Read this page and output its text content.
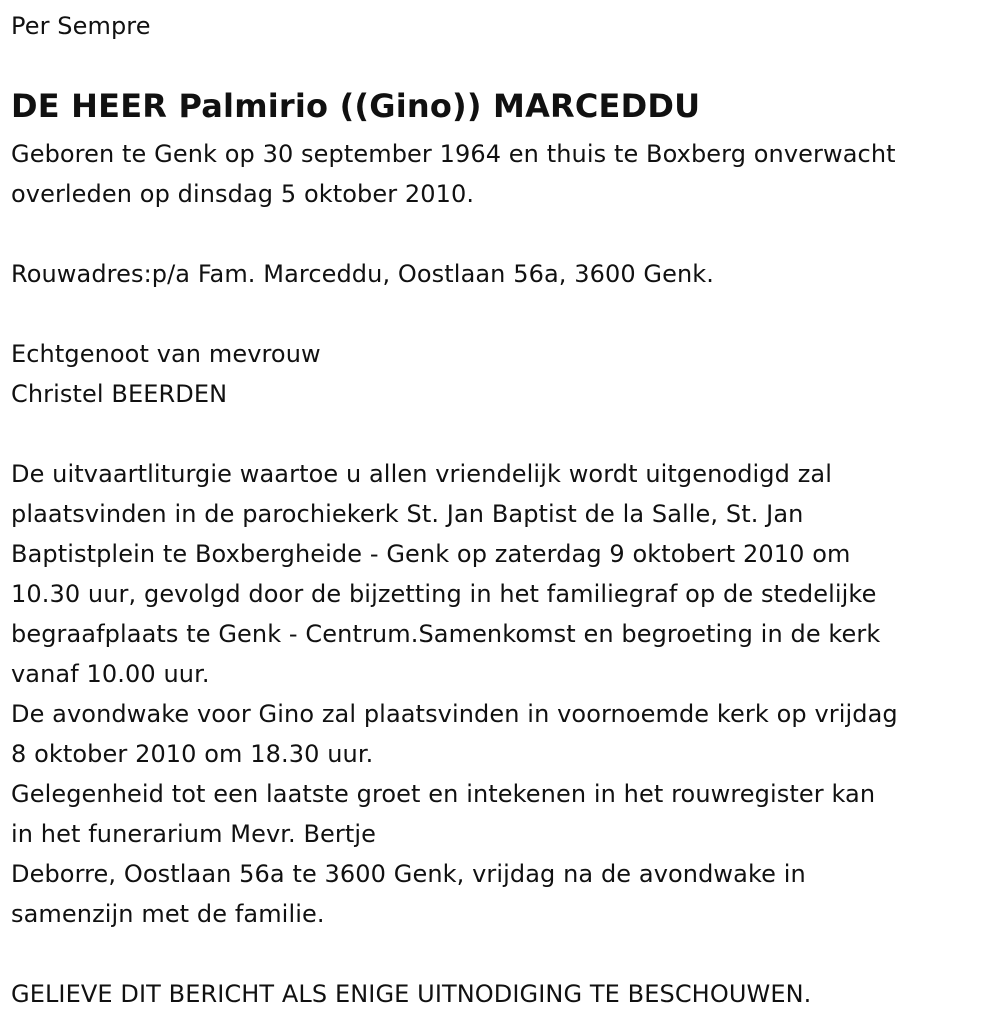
Per Sempre
DE HEER Palmirio ((Gino)) MARCEDDU
Geboren te Genk op 30 september 1964 en thuis te Boxberg onverwacht
overleden op dinsdag 5 oktober 2010.
Rouwadres:p/a Fam. Marceddu, Oostlaan 56a, 3600 Genk.
Echtgenoot van mevrouw
Christel BEERDEN
De uitvaartliturgie waartoe u allen vriendelijk wordt uitgenodigd zal
plaatsvinden in de parochiekerk St. Jan Baptist de la Salle, St. Jan
Baptistplein te Boxbergheide - Genk op zaterdag 9 oktobert 2010 om
10.30 uur, gevolgd door de bijzetting in het familiegraf op de stedelijke
begraafplaats te Genk - Centrum.Samenkomst en begroeting in de kerk
vanaf 10.00 uur.
De avondwake voor Gino zal plaatsvinden in voornoemde kerk op vrijdag
8 oktober 2010 om 18.30 uur.
Gelegenheid tot een laatste groet en intekenen in het rouwregister kan
in het funerarium Mevr. Bertje
Deborre, Oostlaan 56a te 3600 Genk, vrijdag na de avondwake in
samenzijn met de familie.
GELIEVE DIT BERICHT ALS ENIGE UITNODIGING TE BESCHOUWEN.
